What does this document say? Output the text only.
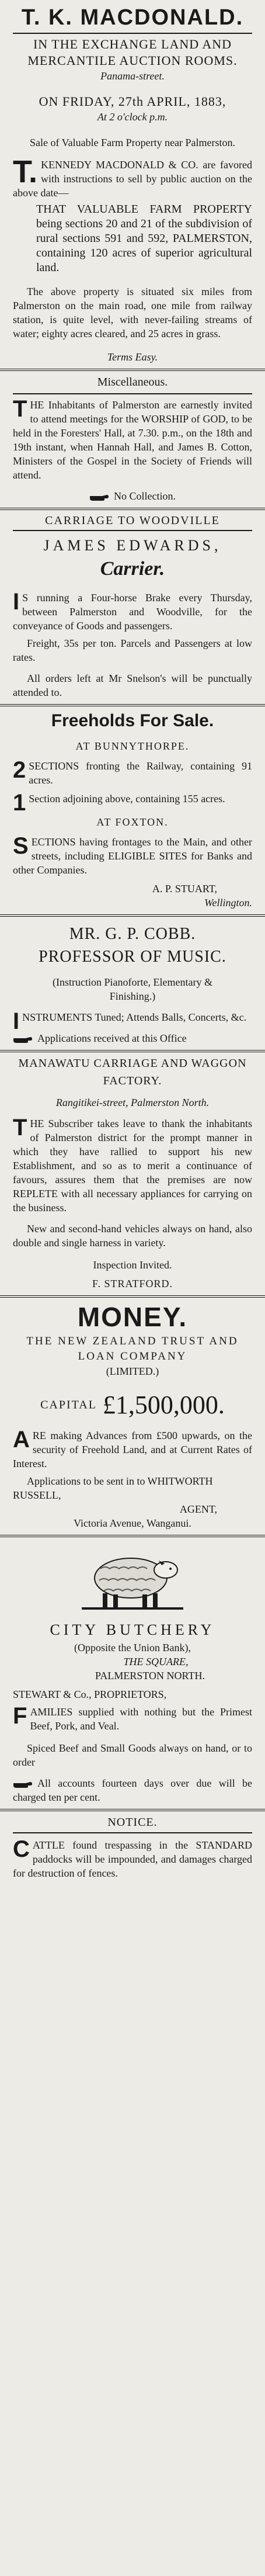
T. K. MACDONALD.

IN THE EXCHANGE LAND AND MERCANTILE AUCTION ROOMS.

Panama-street.

ON FRIDAY, 27th APRIL, 1883,

At 2 o'clock p.m.

Sale of Valuable Farm Property near Palmerston.

T. KENNEDY MACDONALD & CO. are favored with instructions to sell by public auction on the above date—

THAT VALUABLE FARM PROPERTY being sections 20 and 21 of the subdivision of rural sections 591 and 592, PALMERSTON, containing 120 acres of superior agricultural land.

The above property is situated six miles from Palmerston on the main road, one mile from railway station, is quite level, with never-failing streams of water; eighty acres cleared, and 25 acres in grass.

Terms Easy.

Miscellaneous.

T HE Inhabitants of Palmerston are earnestly invited to attend meetings for the WORSHIP of GOD, to be held in the Foresters' Hall, at 7.30. p.m., on the 18th and 19th instant, when Hannah Hall, and James B. Cotton, Ministers of the Gospel in the Society of Friends will attend.

No Collection.

CARRIAGE TO WOODVILLE

JAMES EDWARDS,

Carrier.

I S running a Four-horse Brake every Thursday, between Palmerston and Woodville, for the conveyance of Goods and passengers.

Freight, 35s per ton. Parcels and Passengers at low rates.

All orders left at Mr Snelson's will be punctually attended to.

Freeholds For Sale.

AT BUNNYTHORPE.

2 SECTIONS fronting the Railway, containing 91 acres.
1 Section adjoining above, containing 155 acres.

AT FOXTON.

S ECTIONS having frontages to the Main, and other streets, including ELIGIBLE SITES for Banks and other Companies.

A. P. STUART,

Wellington.

MR. G. P. COBB.

PROFESSOR OF MUSIC.

(Instruction Pianoforte, Elementary & Finishing.)

I NSTRUMENTS Tuned; Attends Balls, Concerts, &c.

Applications received at this Office

MANAWATU CARRIAGE AND WAGGON FACTORY.

Rangitikei-street, Palmerston North.

T HE Subscriber takes leave to thank the inhabitants of Palmerston district for the prompt manner in which they have rallied to support his new Establishment, and so as to merit a continuance of favours, assures them that the premises are now REPLETE with all necessary appliances for carrying on the business.

New and second-hand vehicles always on hand, also double and single harness in variety.

Inspection Invited.

F. STRATFORD.

MONEY.

THE NEW ZEALAND TRUST AND LOAN COMPANY

(LIMITED.)

CAPITAL £1,500,000.

A RE making Advances from £500 upwards, on the security of Freehold Land, and at Current Rates of Interest.

Applications to be sent in to WHITWORTH RUSSELL,

AGENT,

Victoria Avenue, Wanganui.

CITY BUTCHERY

(Opposite the Union Bank),

THE SQUARE,

PALMERSTON NORTH.

STEWART & Co., PROPRIETORS,

F AMILIES supplied with nothing but the Primest Beef, Pork, and Veal.

Spiced Beef and Small Goods always on hand, or to order

All accounts fourteen days over due will be charged ten per cent.

NOTICE.

C ATTLE found trespassing in the STANDARD paddocks will be impounded, and damages charged for destruction of fences.
